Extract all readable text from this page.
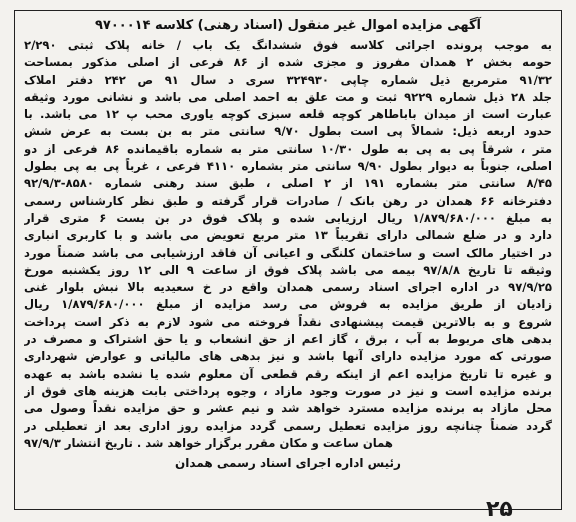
آگهی مزایده اموال غیر منقول (اسناد رهنی) کلاسه ۹۷۰۰۰۱۴
به موجب پرونده اجرائی کلاسه فوق ششدانگ یک باب / خانه پلاک ثبتی ۲/۲۹۰
حومه بخش ۲ همدان مفروز و مجزی شده از ۸۶ فرعی از اصلی مذکور بمساحت
۹۱/۳۲ مترمربع ذیل شماره چاپی ۳۲۴۹۳۰ سری د سال ۹۱ ص ۲۴۲ دفتر املاک
جلد ۲۸ ذیل شماره ۹۲۲۹ ثبت و مت علق به احمد اصلی می باشد و نشانی مورد وثیقه
عبارت است از میدان باباطاهر کوچه قلعه سبزی کوچه یاوری محب پ ۱۲ می باشد. با
حدود اربعه ذیل: شمالاً پی است بطول ۹/۷۰ سانتی متر به بن بست به عرض شش
متر ، شرقاً پی به پی به طول ۱۰/۳۰ سانتی متر به شماره باقیمانده ۸۶ فرعی از دو
اصلی، جنوباً به دیوار بطول ۹/۹۰ سانتی متر بشماره ۴۱۱۰ فرعی ، غرباً پی به پی بطول
۸/۴۵ سانتی متر بشماره ۱۹۱ از ۲ اصلی ، طبق سند رهنی شماره ۸۵۸۰-۹۲/۹/۳
دفترخانه ۶۶ همدان در رهن بانک / صادرات قرار گرفته و طبق نظر کارشناس رسمی
به مبلغ ۱/۸۷۹/۶۸۰/۰۰۰ ریال ارزیابی شده و پلاک فوق در بن بست ۶ متری قرار
دارد و در ضلع شمالی دارای تقریباً ۱۳ متر مربع تعویض می باشد و با کاربری انباری
در اختیار مالک است و ساختمان کلنگی و اعیانی آن فاقد ارزشیابی می باشد ضمناً مورد
وثیقه تا تاریخ ۹۷/۸/۸ بیمه می باشد پلاک فوق از ساعت ۹ الی ۱۲ روز یکشنبه مورخ
۹۷/۹/۲۵ در اداره اجرای اسناد رسمی همدان واقع در خ سعیدیه بالا نبش بلوار غنی
زادیان از طریق مزایده به فروش می رسد مزایده از مبلغ ۱/۸۷۹/۶۸۰/۰۰۰ ریال
شروع و به بالاترین قیمت پیشنهادی نقداً فروخته می شود لازم به ذکر است پرداخت
بدهی های مربوط به آب ، برق ، گاز اعم از حق انشعاب و یا حق اشتراک و مصرف در
صورتی که مورد مزایده دارای آنها باشد و نیز بدهی های مالیاتی و عوارض شهرداری
و غیره تا تاریخ مزایده اعم از اینکه رقم قطعی آن معلوم شده یا نشده باشد به عهده
برنده مزایده است و نیز در صورت وجود مازاد ، وجوه پرداختی بابت هزینه های فوق از
محل مازاد به برنده مزایده مسترد خواهد شد و نیم عشر و حق مزایده نقداً وصول می
گردد ضمناً چنانچه روز مزایده تعطیل رسمی گردد مزایده روز اداری بعد از تعطیلی در
همان ساعت و مکان مقرر برگزار خواهد شد . تاریخ انتشار ۹۷/۹/۳
رئیس اداره اجرای اسناد رسمی همدان
۲۵
